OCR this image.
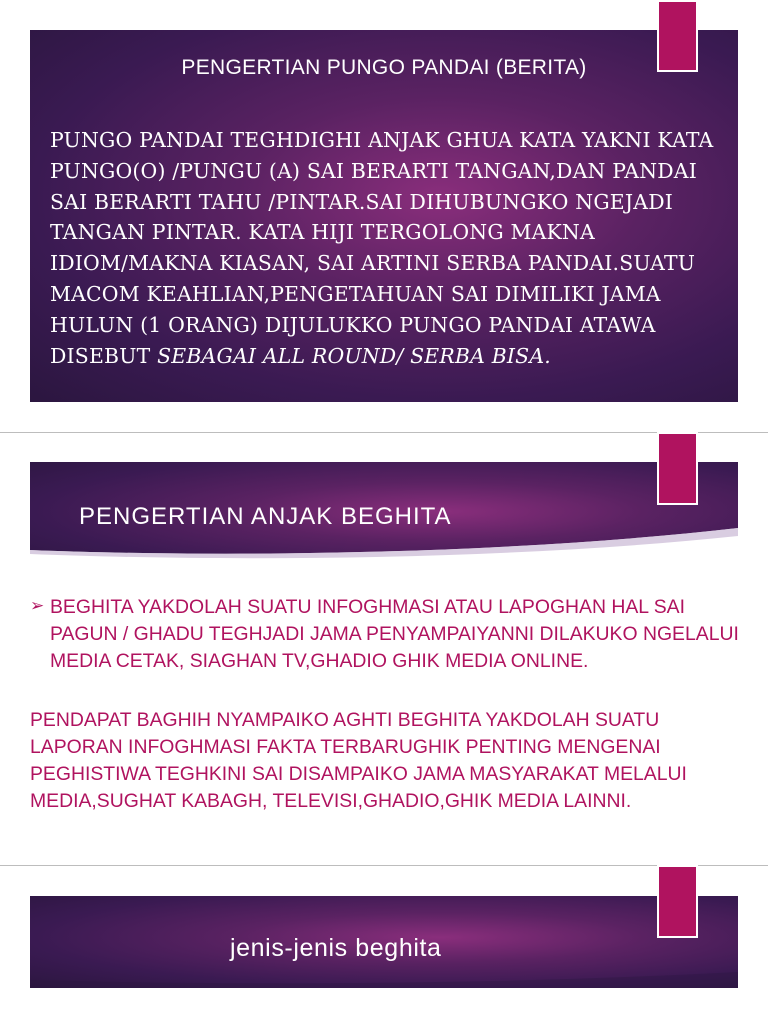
PENGERTIAN PUNGO PANDAI (BERITA)
PUNGO PANDAI TEGHDIGHI ANJAK GHUA KATA YAKNI KATA PUNGO(O) /PUNGU (A) SAI BERARTI TANGAN,DAN PANDAI SAI BERARTI TAHU /PINTAR.SAI DIHUBUNGKO NGEJADI TANGAN PINTAR. KATA HIJI TERGOLONG MAKNA IDIOM/MAKNA KIASAN, SAI ARTINI SERBA PANDAI.SUATU MACOM KEAHLIAN,PENGETAHUAN SAI DIMILIKI JAMA HULUN (1 ORANG) DIJULUKKO PUNGO PANDAI ATAWA DISEBUT SEBAGAI ALL ROUND/ SERBA BISA.
PENGERTIAN ANJAK BEGHITA
➢ BEGHITA YAKDOLAH SUATU INFOGHMASI ATAU LAPOGHAN HAL SAI PAGUN / GHADU TEGHJADI JAMA PENYAMPAIYANNI DILAKUKO NGELALUI MEDIA CETAK, SIAGHAN TV,GHADIO GHIK MEDIA ONLINE.
PENDAPAT BAGHIH NYAMPAIKO AGHTI BEGHITA YAKDOLAH SUATU LAPORAN INFOGHMASI FAKTA TERBARUGHIK PENTING MENGENAI PEGHISTIWA TEGHKINI SAI DISAMPAIKO JAMA MASYARAKAT MELALUI MEDIA,SUGHAT KABAGH, TELEVISI,GHADIO,GHIK MEDIA LAINNI.
jenis-jenis beghita
